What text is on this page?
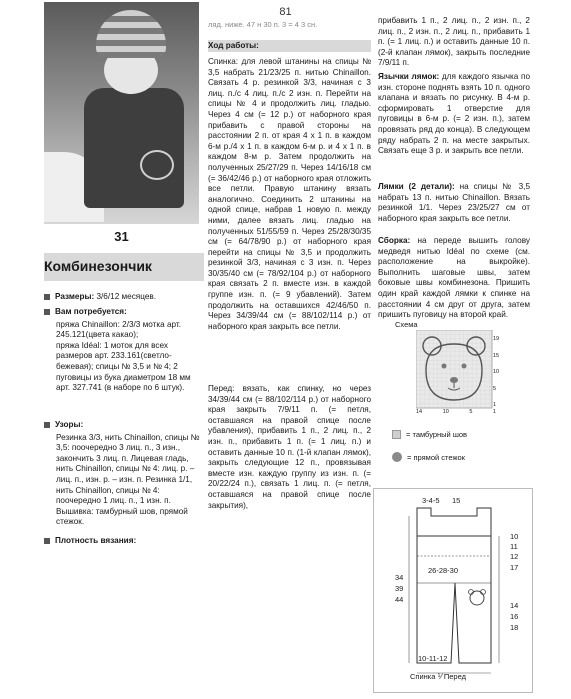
81
31
Комбинезончик
Размеры: 3/6/12 месяцев.
Вам потребуется:
пряжа Chinaillon: 2/3/3 мотка арт. 245.121(цвета какао);
пряжа Idéal: 1 моток для всех размеров арт. 233.161(светло-бежевая); спицы № 3,5 и № 4; 2 пуговицы из бука диаметром 18 мм арт. 327.741 (в наборе по 6 штук).
Узоры:
Резинка 3/3, нить Chinaillon, спицы № 3,5: поочередно 3 лиц. п., 3 изн., закончить 3 лиц. п. Лицевая гладь, нить Chinaillon, спицы № 4: лиц. р. – лиц. п., изн. р. – изн. п. Резинка 1/1, нить Chinaillon, спицы № 4: поочередно 1 лиц. п., 1 изн. п. Вышивка: тамбурный шов, прямой стежок.
Плотность вязания:
ляд. ниже. 47 н 30 п. 3 = 4 3 сн.
Ход работы:
Спинка: для левой штанины на спицы № 3,5 набрать 21/23/25 п. нитью Chinaillon. Связать 4 р. резинкой 3/3, начиная с 3 лиц. п./с 4 лиц. п./с 2 изн. п. Перейти на спицы № 4 и продолжить лиц. гладью. Через 4 см (= 12 р.) от наборного края прибавить с правой стороны на расстоянии 2 п. от края 4 х 1 п. в каждом 6-м р./4 х 1 п. в каждом 6-м р. и 4 х 1 п. в каждом 8-м р. Затем продолжить на полученных 25/27/29 п. Через 14/16/18 см (= 36/42/46 р.) от наборного края отложить все петли. Правую штанину вязать аналогично. Соединить 2 штанины на одной спице, набрав 1 новую п. между ними, далее вязать лиц. гладью на полученных 51/55/59 п. Через 25/28/30/35 см (= 64/78/90 р.) от наборного края перейти на спицы № 3,5 и продолжить резинкой 3/3, начиная с 3 изн. п. Через 30/35/40 см (= 78/92/104 р.) от наборного края связать 2 п. вместе изн. в каждой группе изн. п. (= 9 убавлений). Затем продолжить на оставшихся 42/46/50 п. Через 34/39/44 см (= 88/102/114 р.) от наборного края закрыть все петли.
Перед: вязать, как спинку, но через 34/39/44 см (= 88/102/114 р.) от наборного края закрыть 7/9/11 п. (= петля, оставшаяся на правой спице после убавления), прибавить 1 п., 2 лиц. п., 2 изн. п., прибавить 1 п. (= 1 лиц. п.) и оставить данные 10 п. (1-й клапан лямок), закрыть следующие 12 п., провязывая вместе изн. каждую группу из изн. п. (= 20/22/24 п.), связать 1 лиц. п. (= петля, оставшаяся на правой спице после закрытия),
прибавить 1 п., 2 лиц. п., 2 изн. п., 2 лиц. п., 2 изн. п., 2 лиц. п., прибавить 1 п. (= 1 лиц. п.) и оставить данные 10 п. (2-й клапан лямок), закрыть последние 7/9/11 п.
Язычки лямок: для каждого язычка по изн. стороне поднять взять 10 п. одного клапана и вязать по рисунку. В 4-м р. сформировать 1 отверстие для пуговицы в 6-м р. (= 2 изн. п.), затем провязать ряд до конца). В следующем ряду набрать 2 п. на месте закрытых. Связать еще 3 р. и закрыть все петли.
Лямки (2 детали): на спицы № 3,5 набрать 13 п. нитью Chinaillon. Вязать резинкой 1/1. Через 23/25/27 см от наборного края закрыть все петли.
Сборка: на переде вышить голову медведя нитью Idéal по схеме (см. расположение на выкройке). Выполнить шаговые швы, затем боковые швы комбинезона. Пришить один край каждой лямки к спинке на расстоянии 4 см друг от друга, затем пришить пуговицу на второй край.
Схема
19
15
10
5
1
14	10	5	1
= тамбурный шов
= прямой стежок
3-4-5 15
26-28-30
34
39
44
10
11
12
17
14
16
18
10-11-12
Спинка ⅟ Перед
